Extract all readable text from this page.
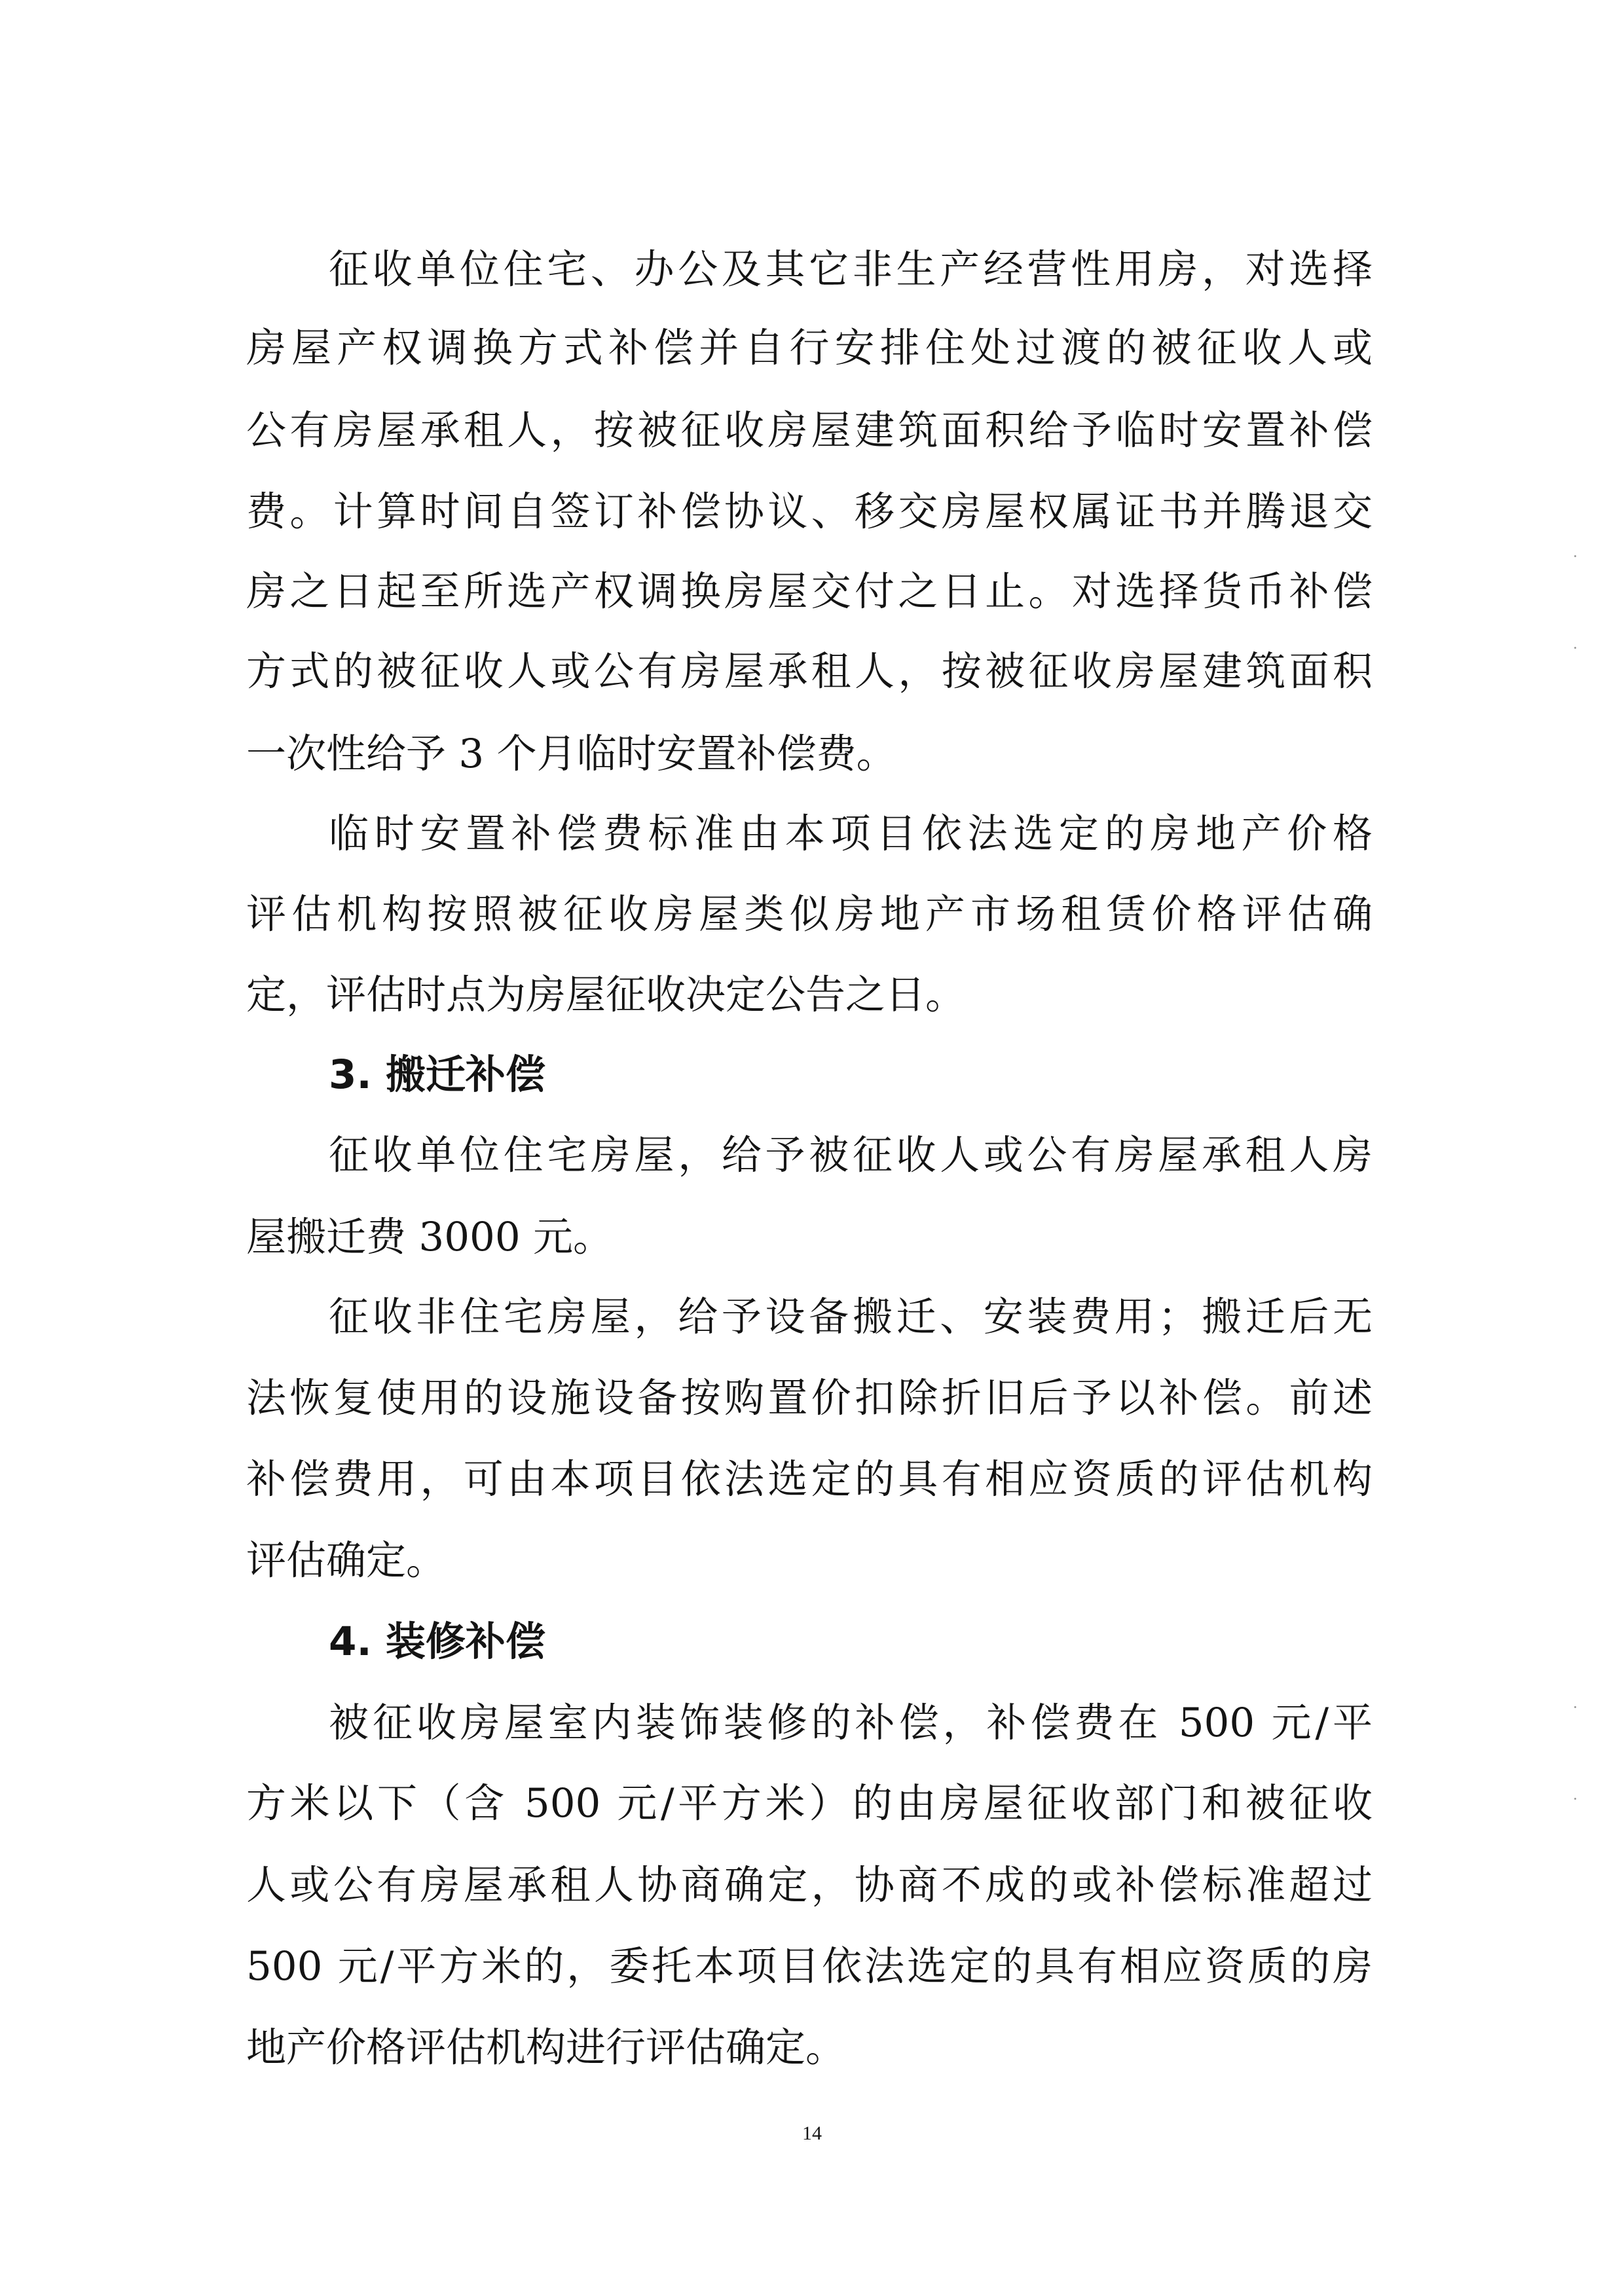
征收单位住宅、办公及其它非生产经营性用房，对选择
房屋产权调换方式补偿并自行安排住处过渡的被征收人或
公有房屋承租人，按被征收房屋建筑面积给予临时安置补偿
费。计算时间自签订补偿协议、移交房屋权属证书并腾退交
房之日起至所选产权调换房屋交付之日止。对选择货币补偿
方式的被征收人或公有房屋承租人，按被征收房屋建筑面积
一次性给予 3 个月临时安置补偿费。
临时安置补偿费标准由本项目依法选定的房地产价格
评估机构按照被征收房屋类似房地产市场租赁价格评估确
定，评估时点为房屋征收决定公告之日。
3. 搬迁补偿
征收单位住宅房屋，给予被征收人或公有房屋承租人房
屋搬迁费 3000 元。
征收非住宅房屋，给予设备搬迁、安装费用；搬迁后无
法恢复使用的设施设备按购置价扣除折旧后予以补偿。前述
补偿费用，可由本项目依法选定的具有相应资质的评估机构
评估确定。
4. 装修补偿
被征收房屋室内装饰装修的补偿，补偿费在 500 元/平
方米以下（含 500 元/平方米）的由房屋征收部门和被征收
人或公有房屋承租人协商确定，协商不成的或补偿标准超过
500 元/平方米的，委托本项目依法选定的具有相应资质的房
地产价格评估机构进行评估确定。
14
